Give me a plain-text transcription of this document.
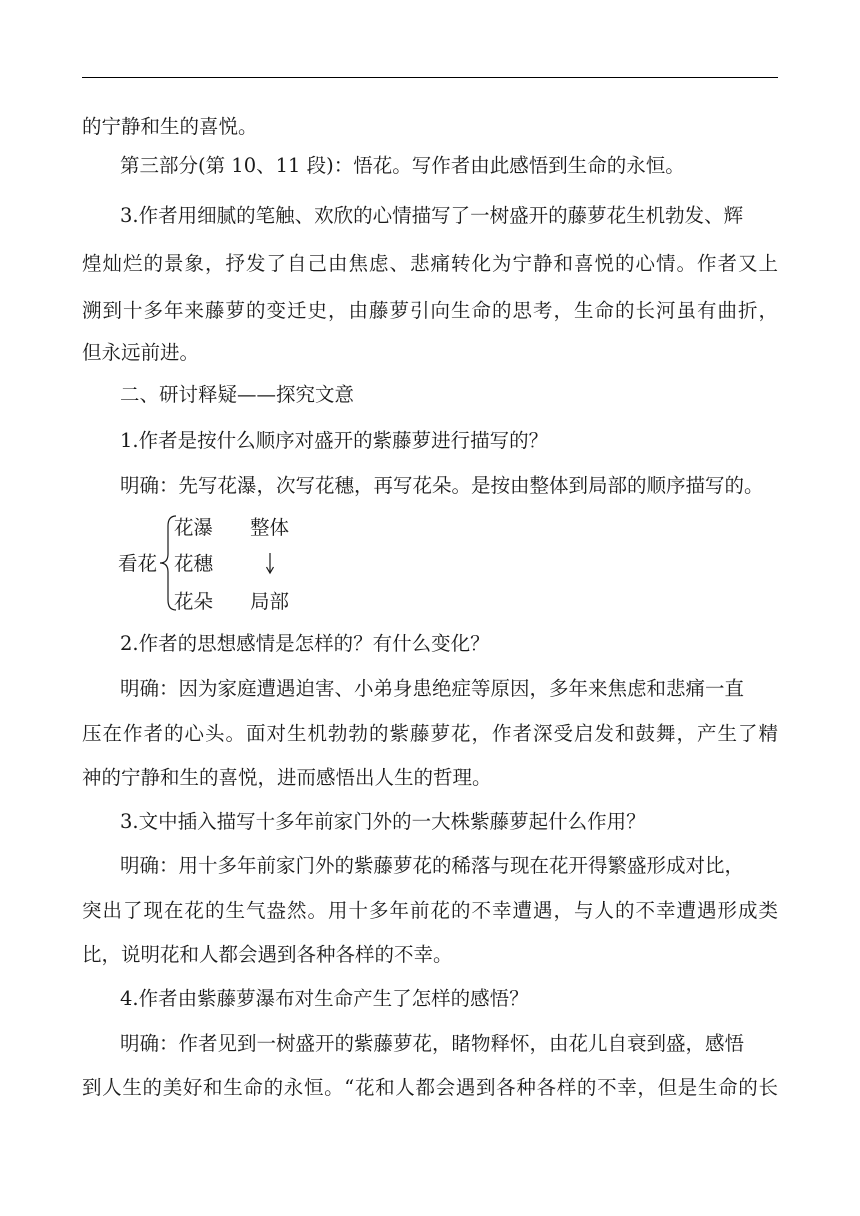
的宁静和生的喜悦。
第三部分(第 10、11 段)：悟花。写作者由此感悟到生命的永恒。
3.作者用细腻的笔触、欢欣的心情描写了一树盛开的藤萝花生机勃发、辉
煌灿烂的景象，抒发了自己由焦虑、悲痛转化为宁静和喜悦的心情。作者又上
溯到十多年来藤萝的变迁史，由藤萝引向生命的思考，生命的长河虽有曲折，
但永远前进。
二、研讨释疑——探究文意
1.作者是按什么顺序对盛开的紫藤萝进行描写的？
明确：先写花瀑，次写花穗，再写花朵。是按由整体到局部的顺序描写的。
看花
花瀑
花穗
花朵
整体
局部
2.作者的思想感情是怎样的？有什么变化？
明确：因为家庭遭遇迫害、小弟身患绝症等原因，多年来焦虑和悲痛一直
压在作者的心头。面对生机勃勃的紫藤萝花，作者深受启发和鼓舞，产生了精
神的宁静和生的喜悦，进而感悟出人生的哲理。
3.文中插入描写十多年前家门外的一大株紫藤萝起什么作用？
明确：用十多年前家门外的紫藤萝花的稀落与现在花开得繁盛形成对比，
突出了现在花的生气盎然。用十多年前花的不幸遭遇，与人的不幸遭遇形成类
比，说明花和人都会遇到各种各样的不幸。
4.作者由紫藤萝瀑布对生命产生了怎样的感悟？
明确：作者见到一树盛开的紫藤萝花，睹物释怀，由花儿自衰到盛，感悟
到人生的美好和生命的永恒。“花和人都会遇到各种各样的不幸，但是生命的长
